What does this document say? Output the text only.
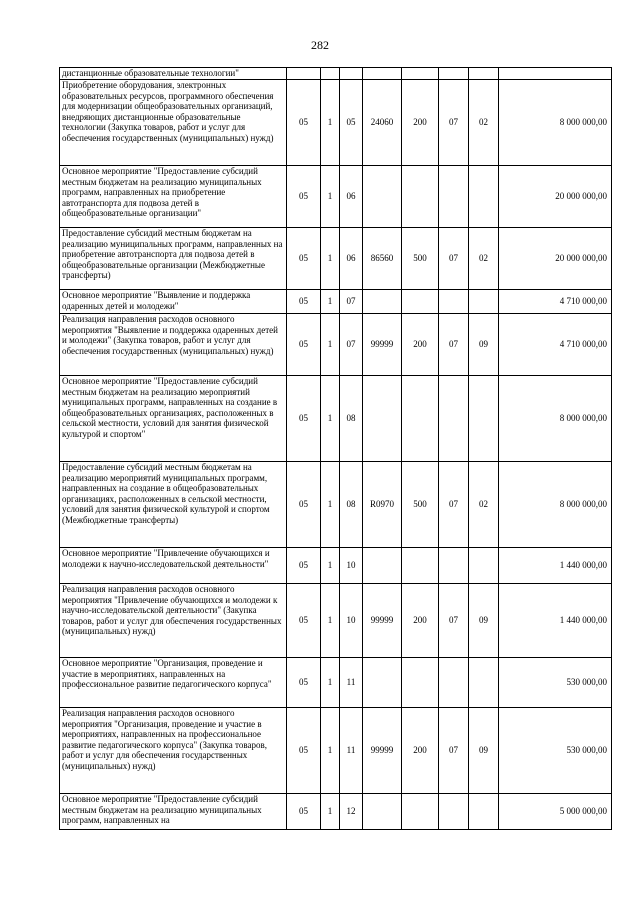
282
дистанционные образовательные технологии"								
Приобретение оборудования, электронных образовательных ресурсов, программного обеспечения для модернизации общеобразовательных организаций, внедряющих дистанционные образовательные технологии (Закупка товаров, работ и услуг для обеспечения государственных (муниципальных) нужд)	05	1	05	24060	200	07	02	8 000 000,00
Основное мероприятие "Предоставление субсидий местным бюджетам на реализацию муниципальных программ, направленных на приобретение автотранспорта для подвоза детей в общеобразовательные организации"	05	1	06					20 000 000,00
Предоставление субсидий местным бюджетам на реализацию муниципальных программ, направленных на приобретение автотранспорта для подвоза детей в общеобразовательные организации (Межбюджетные трансферты)	05	1	06	86560	500	07	02	20 000 000,00
Основное мероприятие "Выявление и поддержка одаренных детей и молодежи"	05	1	07					4 710 000,00
Реализация направления расходов основного мероприятия "Выявление и поддержка одаренных детей и молодежи" (Закупка товаров, работ и услуг для обеспечения государственных (муниципальных) нужд)	05	1	07	99999	200	07	09	4 710 000,00
Основное мероприятие "Предоставление субсидий местным бюджетам на реализацию мероприятий муниципальных программ, направленных на создание в общеобразовательных организациях, расположенных в сельской местности, условий для занятия физической культурой и спортом"	05	1	08					8 000 000,00
Предоставление субсидий местным бюджетам на реализацию мероприятий муниципальных программ, направленных на создание в общеобразовательных организациях, расположенных в сельской местности, условий для занятия физической культурой и спортом (Межбюджетные трансферты)	05	1	08	R0970	500	07	02	8 000 000,00
Основное мероприятие "Привлечение обучающихся и молодежи к научно-исследовательской деятельности"	05	1	10					1 440 000,00
Реализация направления расходов основного мероприятия "Привлечение обучающихся и молодежи к научно-исследовательской деятельности" (Закупка товаров, работ и услуг для обеспечения государственных (муниципальных) нужд)	05	1	10	99999	200	07	09	1 440 000,00
Основное мероприятие "Организация, проведение и участие в мероприятиях, направленных на профессиональное развитие педагогического корпуса"	05	1	11					530 000,00
Реализация направления расходов основного мероприятия "Организация, проведение и участие в мероприятиях, направленных на профессиональное развитие педагогического корпуса" (Закупка товаров, работ и услуг для обеспечения государственных (муниципальных) нужд)	05	1	11	99999	200	07	09	530 000,00
Основное мероприятие "Предоставление субсидий местным бюджетам на реализацию муниципальных программ, направленных на	05	1	12					5 000 000,00
